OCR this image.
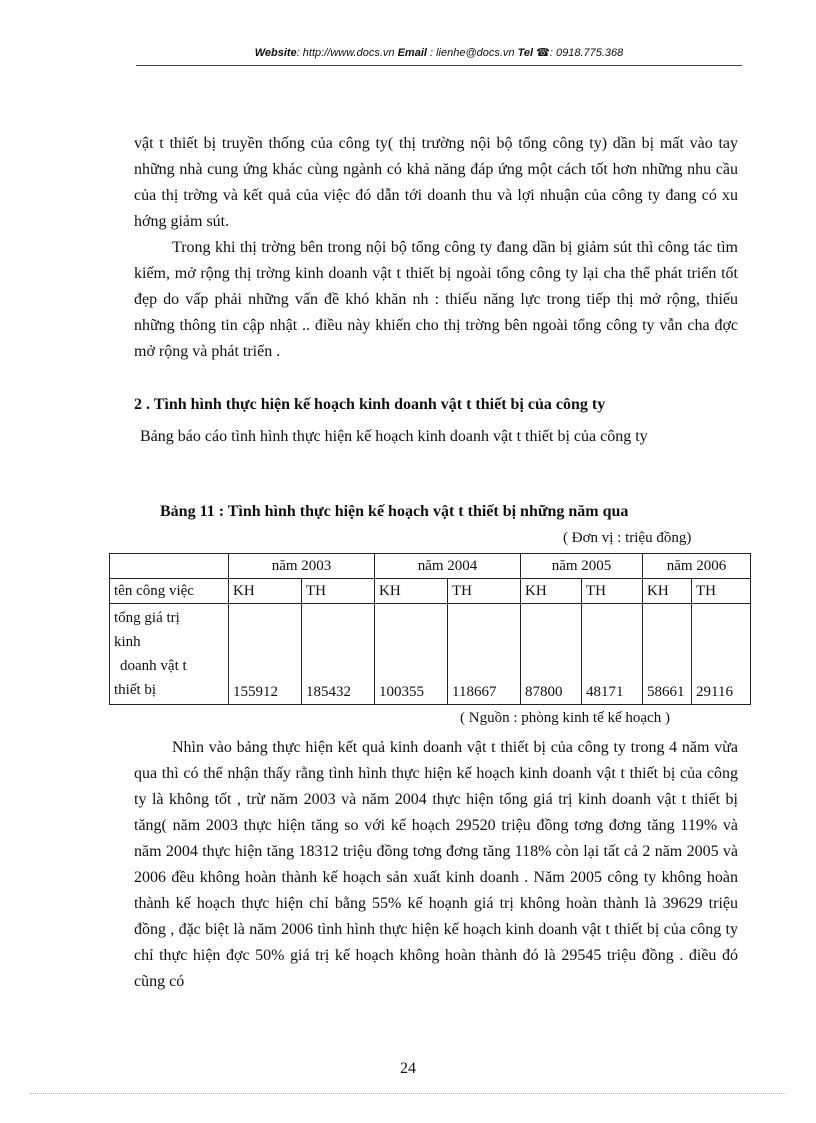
Website: http://www.docs.vn Email : lienhe@docs.vn Tel ☎: 0918.775.368

vật t thiết bị truyền thống của công ty( thị trường nội bộ tổng công ty) dần bị mất vào tay những nhà cung ứng khác cùng ngành có khả năng đáp ứng một cách tốt hơn những nhu cầu của thị trờng và kết quả của việc đó dẫn tới doanh thu và lợi nhuận của công ty đang có xu hớng giảm sút.

Trong khi thị trờng bên trong nội bộ tổng công ty đang dần bị giảm sút thì công tác tìm kiếm, mở rộng thị trờng kinh doanh vật t thiết bị ngoài tổng công ty lại cha thể phát triển tốt đẹp do vấp phải những vấn đề khó khăn nh : thiếu năng lực trong tiếp thị mở rộng, thiếu những thông tin cập nhật .. điều này khiến cho thị trờng bên ngoài tổng công ty vẫn cha đợc mở rộng và phát triển .

2 . Tình hình thực hiện kế hoạch kinh doanh vật t thiết bị của công ty
Bảng báo cáo tình hình thực hiện kế hoạch kinh doanh vật t thiết bị của công ty
Bảng 11 : Tình hình thực hiện kế hoạch vật t thiết bị những năm qua
( Đơn vị : triệu đồng)
	năm 2003		năm 2004		năm 2005		năm 2006	
tên công việc	KH	TH	KH	TH	KH	TH	KH	TH

tổng giá trị
kinh
doanh vật t
thiết bị	155912	185432	100355	118667	87800	48171	58661	29116
( Nguồn : phòng kinh tế kế hoạch )

Nhìn vào bảng thực hiện kết quả kinh doanh vật t thiết bị của công ty trong 4 năm vừa qua thì có thể nhận thấy rằng tình hình thực hiện kế hoạch kinh doanh vật t thiết bị của công ty là không tốt , trừ năm 2003 và năm 2004 thực hiện tổng giá trị kinh doanh vật t thiết bị tăng( năm 2003 thực hiện tăng so với kế hoạch 29520 triệu đồng tơng đơng tăng 119% và năm 2004 thực hiện tăng 18312 triệu đồng tơng đơng tăng 118% còn lại tất cả 2 năm 2005 và 2006 đều không hoàn thành kế hoạch sản xuất kinh doanh . Năm 2005 công ty không hoàn thành kế hoạch thực hiện chỉ bằng 55% kế hoạnh giá trị không hoàn thành là 39629 triệu đồng , đặc biệt là năm 2006 tình hình thực hiện kế hoạch kinh doanh vật t thiết bị của công ty chỉ thực hiện đợc 50% giá trị kế hoạch không hoàn thành đó là 29545 triệu đồng . điều đó cũng có

24
